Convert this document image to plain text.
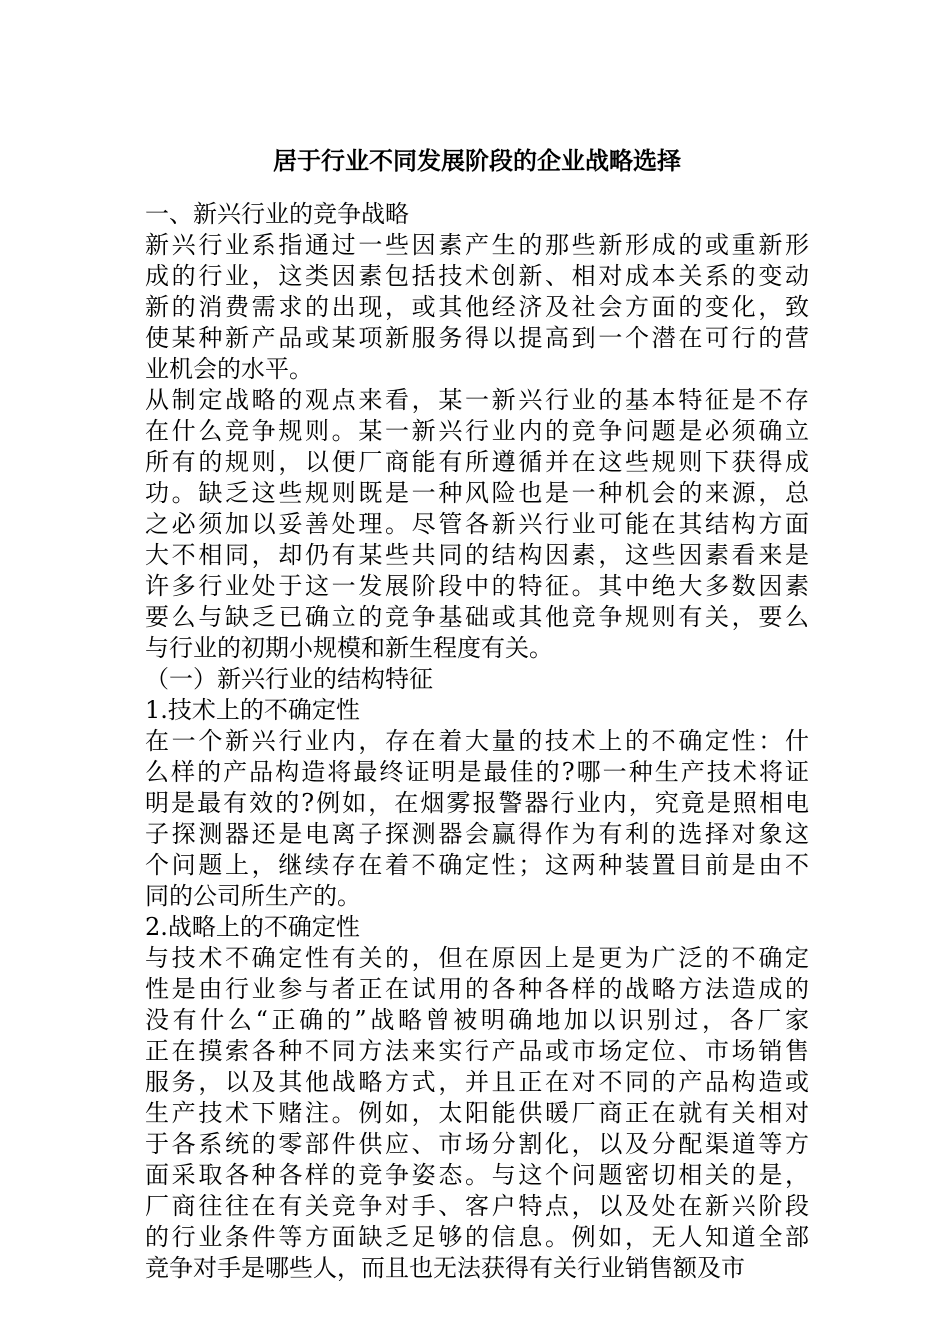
居于行业不同发展阶段的企业战略选择
一、新兴行业的竞争战略
新兴行业系指通过一些因素产生的那些新形成的或重新形
成的行业，这类因素包括技术创新、相对成本关系的变动
新的消费需求的出现，或其他经济及社会方面的变化，致
使某种新产品或某项新服务得以提高到一个潜在可行的营
业机会的水平。
从制定战略的观点来看，某一新兴行业的基本特征是不存
在什么竞争规则。某一新兴行业内的竞争问题是必须确立
所有的规则，以便厂商能有所遵循并在这些规则下获得成
功。缺乏这些规则既是一种风险也是一种机会的来源，总
之必须加以妥善处理。尽管各新兴行业可能在其结构方面
大不相同，却仍有某些共同的结构因素，这些因素看来是
许多行业处于这一发展阶段中的特征。其中绝大多数因素
要么与缺乏已确立的竞争基础或其他竞争规则有关，要么
与行业的初期小规模和新生程度有关。
（一）新兴行业的结构特征
1.技术上的不确定性
在一个新兴行业内，存在着大量的技术上的不确定性：什
么样的产品构造将最终证明是最佳的?哪一种生产技术将证
明是最有效的?例如，在烟雾报警器行业内，究竟是照相电
子探测器还是电离子探测器会赢得作为有利的选择对象这
个问题上，继续存在着不确定性；这两种装置目前是由不
同的公司所生产的。
2.战略上的不确定性
与技术不确定性有关的，但在原因上是更为广泛的不确定
性是由行业参与者正在试用的各种各样的战略方法造成的
没有什么“正确的”战略曾被明确地加以识别过，各厂家
正在摸索各种不同方法来实行产品或市场定位、市场销售
服务，以及其他战略方式，并且正在对不同的产品构造或
生产技术下赌注。例如，太阳能供暖厂商正在就有关相对
于各系统的零部件供应、市场分割化，以及分配渠道等方
面采取各种各样的竞争姿态。与这个问题密切相关的是，
厂商往往在有关竞争对手、客户特点，以及处在新兴阶段
的行业条件等方面缺乏足够的信息。例如，无人知道全部
竞争对手是哪些人，而且也无法获得有关行业销售额及市
